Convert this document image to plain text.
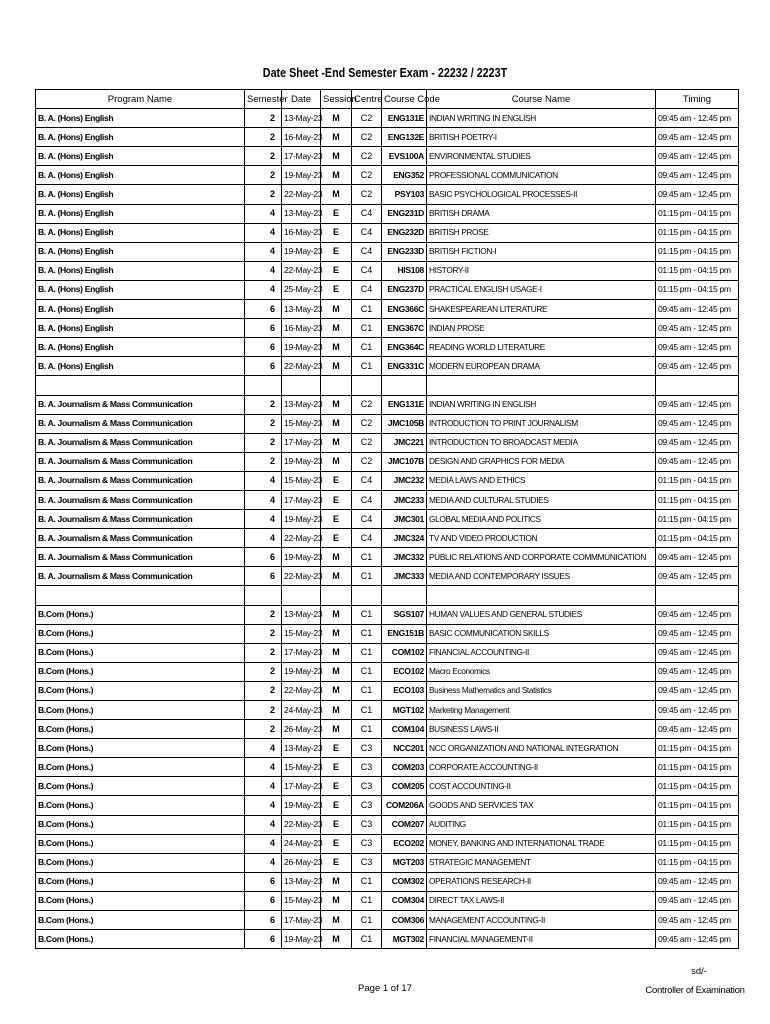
Date Sheet -End Semester Exam - 22232 / 2223T
Program Name	Semester	Date	Session	Centre	Course Code	Course Name	Timing
B. A. (Hons) English	2	13-May-23	M	C2	ENG131E	INDIAN WRITING IN ENGLISH	09:45 am - 12:45 pm
B. A. (Hons) English	2	16-May-23	M	C2	ENG132E	BRITISH POETRY-I	09:45 am - 12:45 pm
B. A. (Hons) English	2	17-May-23	M	C2	EVS100A	ENVIRONMENTAL STUDIES	09:45 am - 12:45 pm
B. A. (Hons) English	2	19-May-23	M	C2	ENG352	PROFESSIONAL COMMUNICATION	09:45 am - 12:45 pm
B. A. (Hons) English	2	22-May-23	M	C2	PSY103	BASIC PSYCHOLOGICAL PROCESSES-II	09:45 am - 12:45 pm
B. A. (Hons) English	4	13-May-23	E	C4	ENG231D	BRITISH DRAMA	01:15 pm - 04:15 pm
B. A. (Hons) English	4	16-May-23	E	C4	ENG232D	BRITISH PROSE	01:15 pm - 04:15 pm
B. A. (Hons) English	4	19-May-23	E	C4	ENG233D	BRITISH FICTION-I	01:15 pm - 04:15 pm
B. A. (Hons) English	4	22-May-23	E	C4	HIS108	HISTORY-II	01:15 pm - 04:15 pm
B. A. (Hons) English	4	25-May-23	E	C4	ENG237D	PRACTICAL ENGLISH USAGE-I	01:15 pm - 04:15 pm
B. A. (Hons) English	6	13-May-23	M	C1	ENG366C	SHAKESPEAREAN LITERATURE	09:45 am - 12:45 pm
B. A. (Hons) English	6	16-May-23	M	C1	ENG367C	INDIAN PROSE	09:45 am - 12:45 pm
B. A. (Hons) English	6	19-May-23	M	C1	ENG364C	READING WORLD LITERATURE	09:45 am - 12:45 pm
B. A. (Hons) English	6	22-May-23	M	C1	ENG331C	MODERN EUROPEAN DRAMA	09:45 am - 12:45 pm

B. A. Journalism & Mass Communication	2	13-May-23	M	C2	ENG131E	INDIAN WRITING IN ENGLISH	09:45 am - 12:45 pm
B. A. Journalism & Mass Communication	2	15-May-23	M	C2	JMC105B	INTRODUCTION TO PRINT JOURNALISM	09:45 am - 12:45 pm
B. A. Journalism & Mass Communication	2	17-May-23	M	C2	JMC221	INTRODUCTION TO BROADCAST MEDIA	09:45 am - 12:45 pm
B. A. Journalism & Mass Communication	2	19-May-23	M	C2	JMC107B	DESIGN AND GRAPHICS FOR MEDIA	09:45 am - 12:45 pm
B. A. Journalism & Mass Communication	4	15-May-23	E	C4	JMC232	MEDIA LAWS AND ETHICS	01:15 pm - 04:15 pm
B. A. Journalism & Mass Communication	4	17-May-23	E	C4	JMC233	MEDIA AND CULTURAL STUDIES	01:15 pm - 04:15 pm
B. A. Journalism & Mass Communication	4	19-May-23	E	C4	JMC301	GLOBAL MEDIA AND POLITICS	01:15 pm - 04:15 pm
B. A. Journalism & Mass Communication	4	22-May-23	E	C4	JMC324	TV AND VIDEO PRODUCTION	01:15 pm - 04:15 pm
B. A. Journalism & Mass Communication	6	19-May-23	M	C1	JMC332	PUBLIC RELATIONS AND CORPORATE COMMMUNICATION	09:45 am - 12:45 pm
B. A. Journalism & Mass Communication	6	22-May-23	M	C1	JMC333	MEDIA AND CONTEMPORARY ISSUES	09:45 am - 12:45 pm

B.Com (Hons.)	2	13-May-23	M	C1	SGS107	HUMAN VALUES AND GENERAL STUDIES	09:45 am - 12:45 pm
B.Com (Hons.)	2	15-May-23	M	C1	ENG151B	BASIC COMMUNICATION SKILLS	09:45 am - 12:45 pm
B.Com (Hons.)	2	17-May-23	M	C1	COM102	FINANCIAL ACCOUNTING-II	09:45 am - 12:45 pm
B.Com (Hons.)	2	19-May-23	M	C1	ECO102	Macro Economics	09:45 am - 12:45 pm
B.Com (Hons.)	2	22-May-23	M	C1	ECO103	Business Mathematics and Statistics	09:45 am - 12:45 pm
B.Com (Hons.)	2	24-May-23	M	C1	MGT102	Marketing Management	09:45 am - 12:45 pm
B.Com (Hons.)	2	26-May-23	M	C1	COM104	BUSINESS LAWS-II	09:45 am - 12:45 pm
B.Com (Hons.)	4	13-May-23	E	C3	NCC201	NCC ORGANIZATION AND NATIONAL INTEGRATION	01:15 pm - 04:15 pm
B.Com (Hons.)	4	15-May-23	E	C3	COM203	CORPORATE ACCOUNTING-II	01:15 pm - 04:15 pm
B.Com (Hons.)	4	17-May-23	E	C3	COM205	COST ACCOUNTING-II	01:15 pm - 04:15 pm
B.Com (Hons.)	4	19-May-23	E	C3	COM206A	GOODS AND SERVICES TAX	01:15 pm - 04:15 pm
B.Com (Hons.)	4	22-May-23	E	C3	COM207	AUDITING	01:15 pm - 04:15 pm
B.Com (Hons.)	4	24-May-23	E	C3	ECO202	MONEY, BANKING AND INTERNATIONAL TRADE	01:15 pm - 04:15 pm
B.Com (Hons.)	4	26-May-23	E	C3	MGT203	STRATEGIC MANAGEMENT	01:15 pm - 04:15 pm
B.Com (Hons.)	6	13-May-23	M	C1	COM302	OPERATIONS RESEARCH-II	09:45 am - 12:45 pm
B.Com (Hons.)	6	15-May-23	M	C1	COM304	DIRECT TAX LAWS-II	09:45 am - 12:45 pm
B.Com (Hons.)	6	17-May-23	M	C1	COM306	MANAGEMENT ACCOUNTING-II	09:45 am - 12:45 pm
B.Com (Hons.)	6	19-May-23	M	C1	MGT302	FINANCIAL MANAGEMENT-II	09:45 am - 12:45 pm
Page 1 of 17
sd/-
Controller of Examination
